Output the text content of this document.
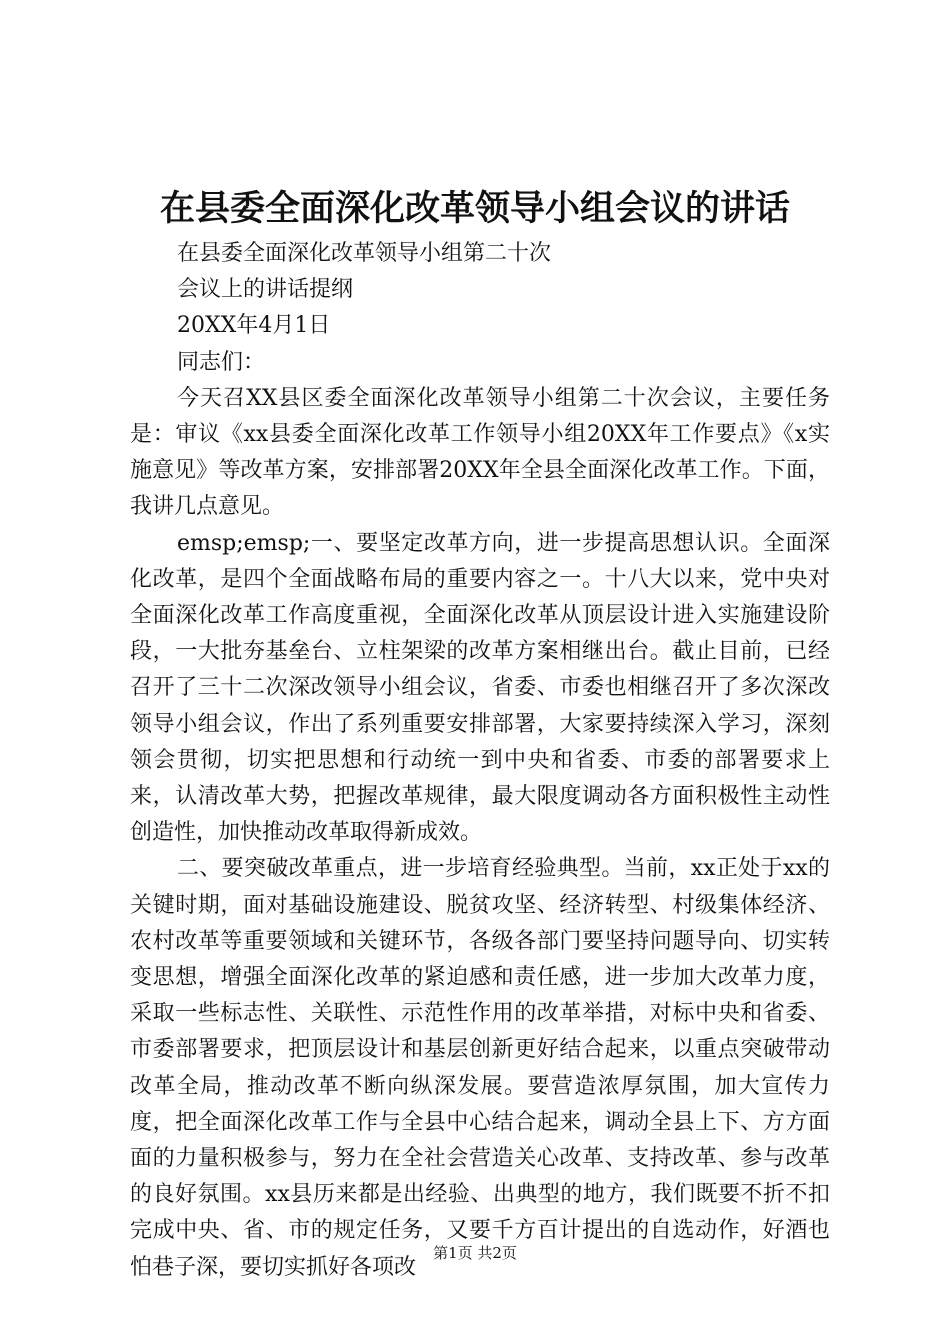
在县委全面深化改革领导小组会议的讲话

在县委全面深化改革领导小组第二十次

会议上的讲话提纲

20XX年4月1日

同志们：

今天召XX县区委全面深化改革领导小组第二十次会议，主要任务是：审议《xx县委全面深化改革工作领导小组20XX年工作要点》《x实施意见》等改革方案，安排部署20XX年全县全面深化改革工作。下面，我讲几点意见。

emsp;emsp;一、要坚定改革方向，进一步提高思想认识。全面深化改革，是四个全面战略布局的重要内容之一。十八大以来，党中央对全面深化改革工作高度重视，全面深化改革从顶层设计进入实施建设阶段，一大批夯基垒台、立柱架梁的改革方案相继出台。截止目前，已经召开了三十二次深改领导小组会议，省委、市委也相继召开了多次深改领导小组会议，作出了系列重要安排部署，大家要持续深入学习，深刻领会贯彻，切实把思想和行动统一到中央和省委、市委的部署要求上来，认清改革大势，把握改革规律，最大限度调动各方面积极性主动性创造性，加快推动改革取得新成效。

二、要突破改革重点，进一步培育经验典型。当前，xx正处于xx的关键时期，面对基础设施建设、脱贫攻坚、经济转型、村级集体经济、农村改革等重要领域和关键环节，各级各部门要坚持问题导向、切实转变思想，增强全面深化改革的紧迫感和责任感，进一步加大改革力度，采取一些标志性、关联性、示范性作用的改革举措，对标中央和省委、市委部署要求，把顶层设计和基层创新更好结合起来，以重点突破带动改革全局，推动改革不断向纵深发展。要营造浓厚氛围，加大宣传力度，把全面深化改革工作与全县中心结合起来，调动全县上下、方方面面的力量积极参与，努力在全社会营造关心改革、支持改革、参与改革的良好氛围。xx县历来都是出经验、出典型的地方，我们既要不折不扣完成中央、省、市的规定任务，又要千方百计提出的自选动作，好酒也怕巷子深，要切实抓好各项改

第1页 共2页
